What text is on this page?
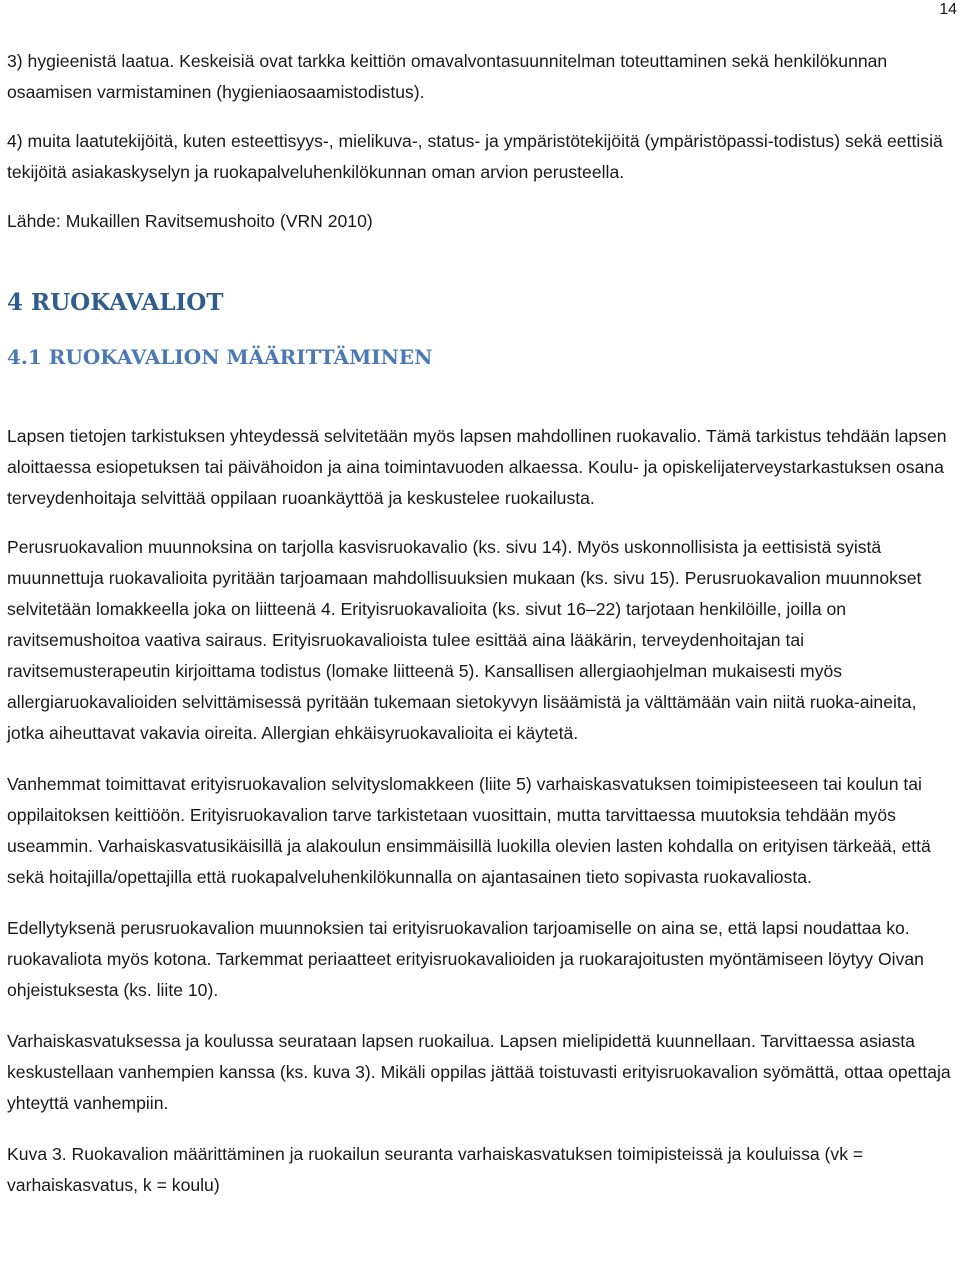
14

3) hygieenistä laatua. Keskeisiä ovat tarkka keittiön omavalvontasuunnitelman toteuttaminen sekä henkilökunnan osaamisen varmistaminen (hygieniaosaamistodistus).

4) muita laatutekijöitä, kuten esteettisyys-, mielikuva-, status- ja ympäristötekijöitä (ympäristöpassi-todistus) sekä eettisiä tekijöitä asiakaskyselyn ja ruokapalveluhenkilökunnan oman arvion perusteella.

Lähde: Mukaillen Ravitsemushoito (VRN 2010)

4 RUOKAVALIOT
4.1 RUOKAVALION MÄÄRITTÄMINEN

Lapsen tietojen tarkistuksen yhteydessä selvitetään myös lapsen mahdollinen ruokavalio. Tämä tarkistus tehdään lapsen aloittaessa esiopetuksen tai päivähoidon ja aina toimintavuoden alkaessa. Koulu- ja opiskelijaterveystarkastuksen osana terveydenhoitaja selvittää oppilaan ruoankäyttöä ja keskustelee ruokailusta.

Perusruokavalion muunnoksina on tarjolla kasvisruokavalio (ks. sivu 14). Myös uskonnollisista ja eettisistä syistä muunnettuja ruokavalioita pyritään tarjoamaan mahdollisuuksien mukaan (ks. sivu 15). Perusruokavalion muunnokset selvitetään lomakkeella joka on liitteenä 4. Erityisruokavalioita (ks. sivut 16–22) tarjotaan henkilöille, joilla on ravitsemushoitoa vaativa sairaus. Erityisruokavalioista tulee esittää aina lääkärin, terveydenhoitajan tai ravitsemusterapeutin kirjoittama todistus (lomake liitteenä 5). Kansallisen allergiaohjelman mukaisesti myös allergiaruokavalioiden selvittämisessä pyritään tukemaan sietokyvyn lisäämistä ja välttämään vain niitä ruoka-aineita, jotka aiheuttavat vakavia oireita. Allergian ehkäisyruokavalioita ei käytetä.

Vanhemmat toimittavat erityisruokavalion selvityslomakkeen (liite 5) varhaiskasvatuksen toimipisteeseen tai koulun tai oppilaitoksen keittiöön. Erityisruokavalion tarve tarkistetaan vuosittain, mutta tarvittaessa muutoksia tehdään myös useammin. Varhaiskasvatusikäisillä ja alakoulun ensimmäisillä luokilla olevien lasten kohdalla on erityisen tärkeää, että sekä hoitajilla/opettajilla että ruokapalveluhenkilökunnalla on ajantasainen tieto sopivasta ruokavaliosta.

Edellytyksenä perusruokavalion muunnoksien tai erityisruokavalion tarjoamiselle on aina se, että lapsi noudattaa ko. ruokavaliota myös kotona. Tarkemmat periaatteet erityisruokavalioiden ja ruokarajoitusten myöntämiseen löytyy Oivan ohjeistuksesta (ks. liite 10).

Varhaiskasvatuksessa ja koulussa seurataan lapsen ruokailua. Lapsen mielipidettä kuunnellaan. Tarvittaessa asiasta keskustellaan vanhempien kanssa (ks. kuva 3). Mikäli oppilas jättää toistuvasti erityisruokavalion syömättä, ottaa opettaja yhteyttä vanhempiin.

Kuva 3. Ruokavalion määrittäminen ja ruokailun seuranta varhaiskasvatuksen toimipisteissä ja kouluissa (vk = varhaiskasvatus, k = koulu)
